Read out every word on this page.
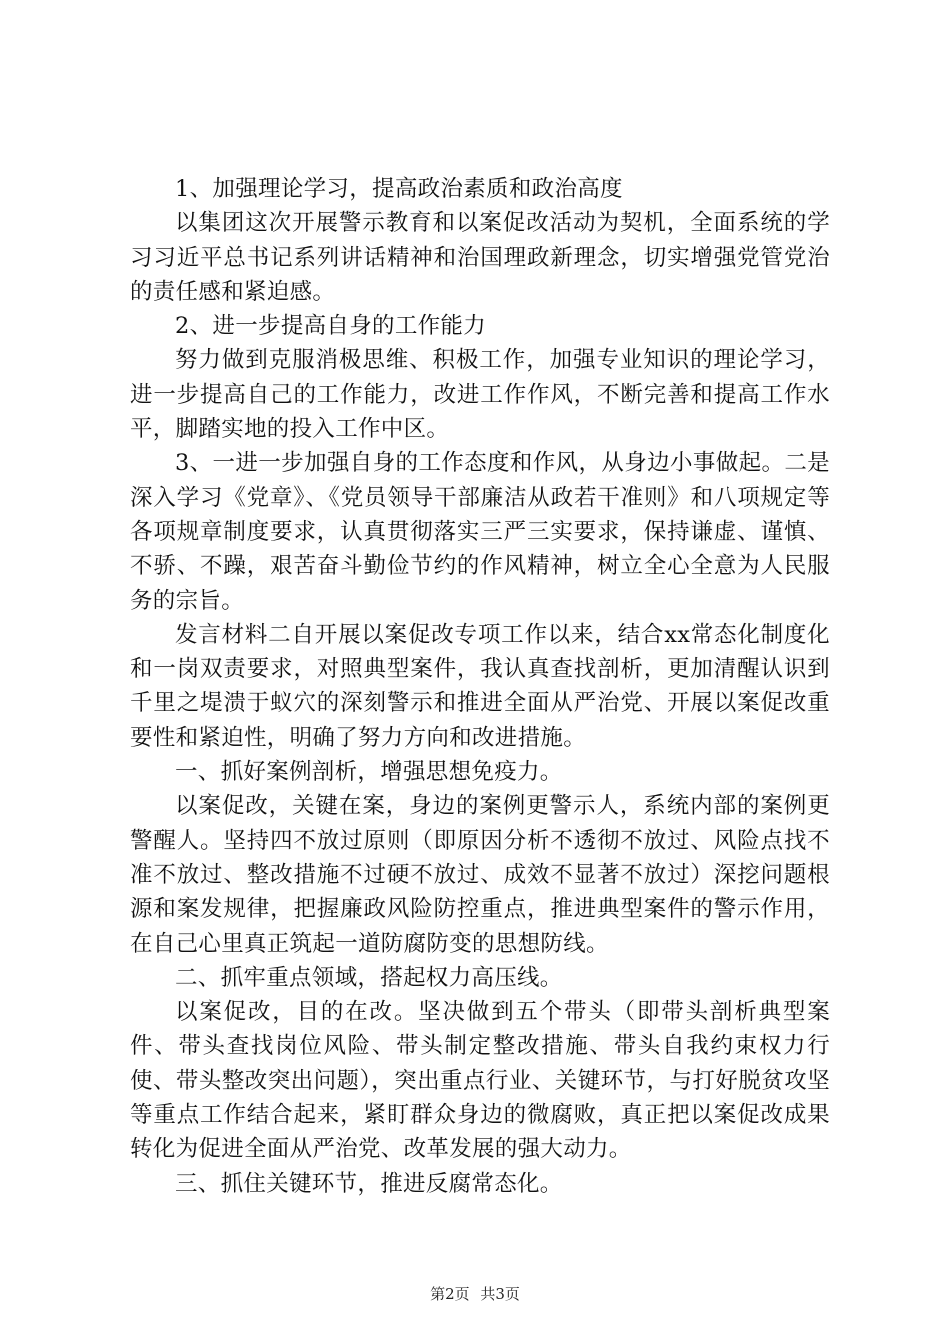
1、加强理论学习，提高政治素质和政治高度

以集团这次开展警示教育和以案促改活动为契机，全面系统的学习习近平总书记系列讲话精神和治国理政新理念，切实增强党管党治的责任感和紧迫感。

2、进一步提高自身的工作能力

努力做到克服消极思维、积极工作，加强专业知识的理论学习，进一步提高自己的工作能力，改进工作作风，不断完善和提高工作水平，脚踏实地的投入工作中区。

3、一进一步加强自身的工作态度和作风，从身边小事做起。二是深入学习《党章》、《党员领导干部廉洁从政若干准则》和八项规定等各项规章制度要求，认真贯彻落实三严三实要求，保持谦虚、谨慎、不骄、不躁，艰苦奋斗勤俭节约的作风精神，树立全心全意为人民服务的宗旨。

发言材料二自开展以案促改专项工作以来，结合xx常态化制度化和一岗双责要求，对照典型案件，我认真查找剖析，更加清醒认识到千里之堤溃于蚁穴的深刻警示和推进全面从严治党、开展以案促改重要性和紧迫性，明确了努力方向和改进措施。

一、抓好案例剖析，增强思想免疫力。

以案促改，关键在案，身边的案例更警示人，系统内部的案例更警醒人。坚持四不放过原则（即原因分析不透彻不放过、风险点找不准不放过、整改措施不过硬不放过、成效不显著不放过）深挖问题根源和案发规律，把握廉政风险防控重点，推进典型案件的警示作用，在自己心里真正筑起一道防腐防变的思想防线。

二、抓牢重点领域，搭起权力高压线。

以案促改，目的在改。坚决做到五个带头（即带头剖析典型案件、带头查找岗位风险、带头制定整改措施、带头自我约束权力行使、带头整改突出问题），突出重点行业、关键环节，与打好脱贫攻坚等重点工作结合起来，紧盯群众身边的微腐败，真正把以案促改成果转化为促进全面从严治党、改革发展的强大动力。

三、抓住关键环节，推进反腐常态化。

第2页 共3页
